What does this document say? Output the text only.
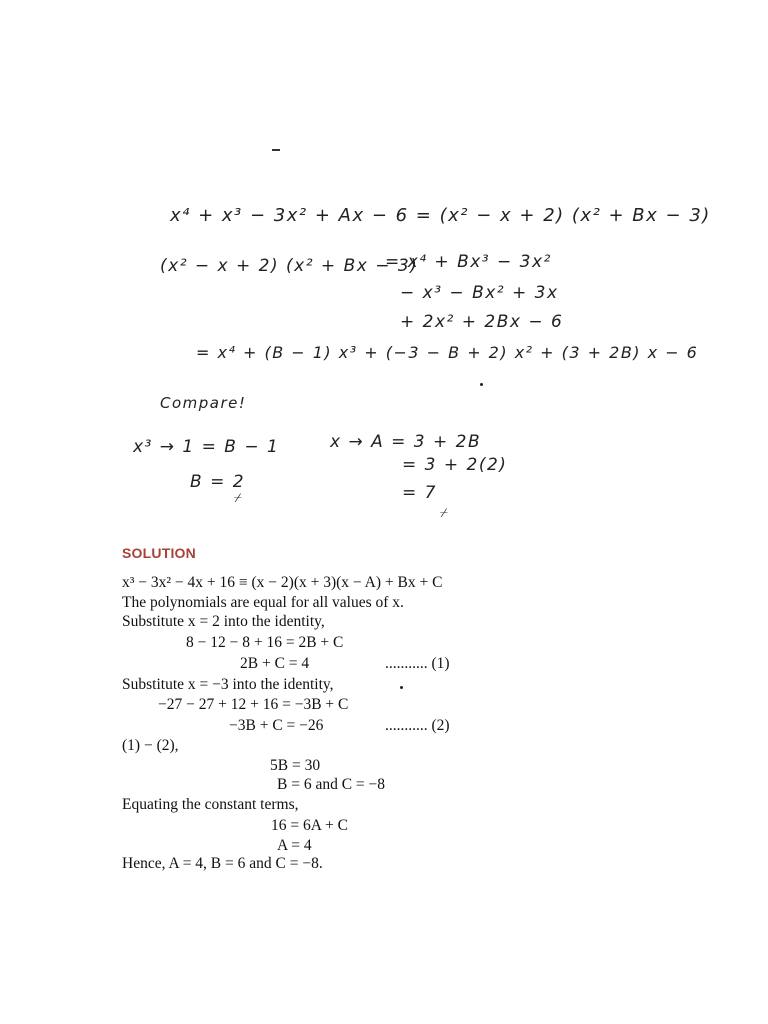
x⁴ + x³ − 3x² + Ax − 6 = (x² − x + 2) (x² + Bx − 3)
(x² − x + 2) (x² + Bx − 3)
= x⁴ + Bx³ − 3x²
− x³ − Bx² + 3x
+ 2x² + 2Bx − 6
= x⁴ + (B − 1) x³ + (−3 − B + 2) x² + (3 + 2B) x − 6
Compare!
x³ → 1 = B − 1
B = 2
⌿
x → A = 3 + 2B
= 3 + 2(2)
= 7
⌿
SOLUTION
x³ − 3x² − 4x + 16 ≡ (x − 2)(x + 3)(x − A) + Bx + C
The polynomials are equal for all values of x.
Substitute x = 2 into the identity,
8 − 12 − 8 + 16 = 2B + C
2B + C = 4	........... (1)
Substitute x = −3 into the identity,
−27 − 27 + 12 + 16 = −3B + C
−3B + C = −26	........... (2)
(1) − (2),
5B = 30
B = 6 and C = −8
Equating the constant terms,
16 = 6A + C
A = 4
Hence, A = 4, B = 6 and C = −8.
